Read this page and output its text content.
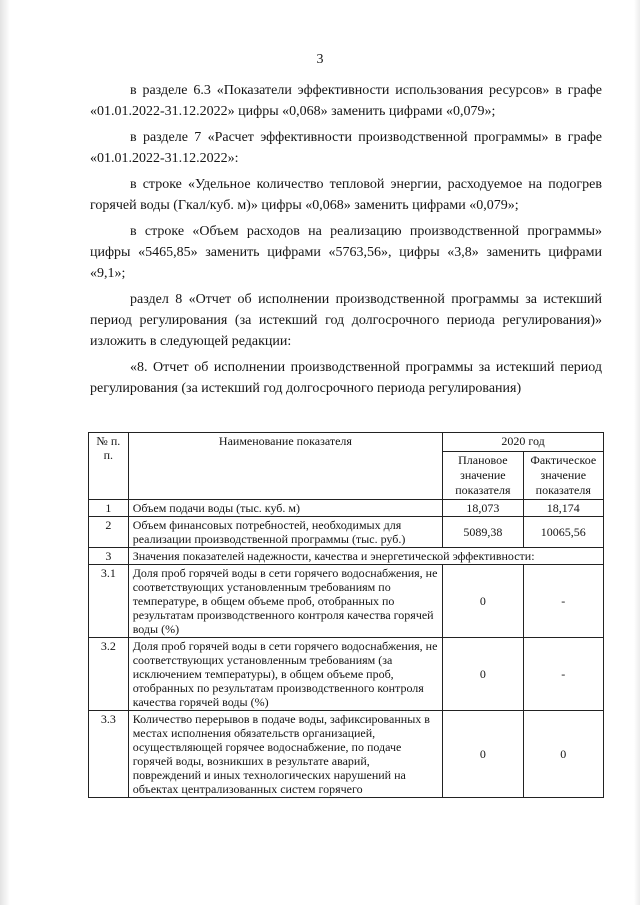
3

в разделе 6.3 «Показатели эффективности использования ресурсов» в графе «01.01.2022-31.12.2022» цифры «0,068» заменить цифрами «0,079»;

в разделе 7 «Расчет эффективности производственной программы» в графе «01.01.2022-31.12.2022»:

в строке «Удельное количество тепловой энергии, расходуемое на подогрев горячей воды (Гкал/куб. м)» цифры «0,068» заменить цифрами «0,079»;

в строке «Объем расходов на реализацию производственной программы» цифры «5465,85» заменить цифрами «5763,56», цифры «3,8» заменить цифрами «9,1»;

раздел 8 «Отчет об исполнении производственной программы за истекший период регулирования (за истекший год долгосрочного периода регулирования)» изложить в следующей редакции:

«8. Отчет об исполнении производственной программы за истекший период регулирования (за истекший год долгосрочного периода регулирования)

№ п. п.	Наименование показателя	2020 год	
		Плановое значение показателя	Фактическое значение показателя
1	Объем подачи воды (тыс. куб. м)	18,073	18,174
2	Объем финансовых потребностей, необходимых для реализации производственной программы (тыс. руб.)	5089,38	10065,56
3	Значения показателей надежности, качества и энергетической эффективности:		
3.1	Доля проб горячей воды в сети горячего водоснабжения, не соответствующих установленным требованиям по температуре, в общем объеме проб, отобранных по результатам производственного контроля качества горячей воды (%)	0	-
3.2	Доля проб горячей воды в сети горячего водоснабжения, не соответствующих установленным требованиям (за исключением температуры), в общем объеме проб, отобранных по результатам производственного контроля качества горячей воды (%)	0	-
3.3	Количество перерывов в подаче воды, зафиксированных в местах исполнения обязательств организацией, осуществляющей горячее водоснабжение, по подаче горячей воды, возникших в результате аварий, повреждений и иных технологических нарушений на объектах централизованных систем горячего	0	0
